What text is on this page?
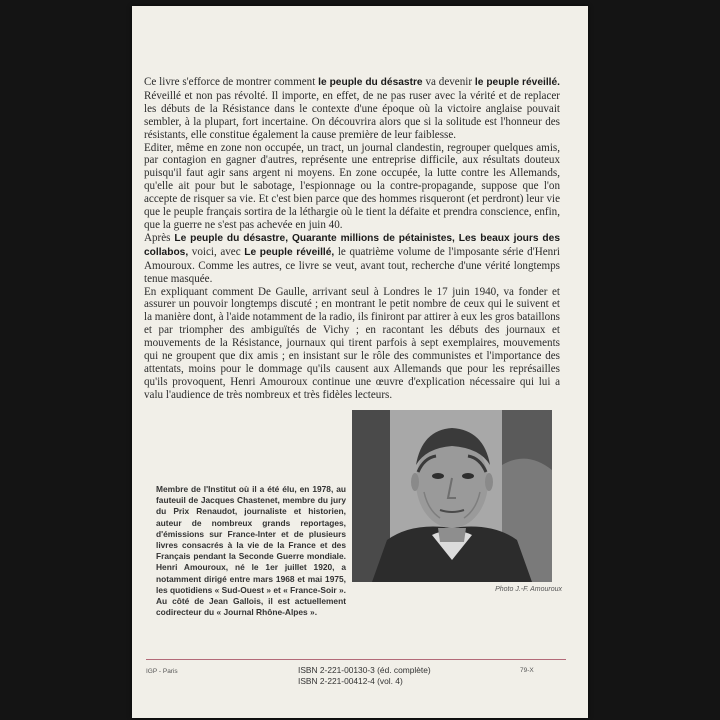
Ce livre s'efforce de montrer comment le peuple du désastre va devenir le peuple réveillé. Réveillé et non pas révolté. Il importe, en effet, de ne pas ruser avec la vérité et de replacer les débuts de la Résistance dans le contexte d'une époque où la victoire anglaise pouvait sembler, à la plupart, fort incertaine. On découvrira alors que si la solitude est l'honneur des résistants, elle constitue également la cause première de leur faiblesse.

Editer, même en zone non occupée, un tract, un journal clandestin, regrouper quelques amis, par contagion en gagner d'autres, représente une entreprise difficile, aux résultats douteux puisqu'il faut agir sans argent ni moyens. En zone occupée, la lutte contre les Allemands, qu'elle ait pour but le sabotage, l'espionnage ou la contre-propagande, suppose que l'on accepte de risquer sa vie. Et c'est bien parce que des hommes risqueront (et perdront) leur vie que le peuple français sortira de la léthargie où le tient la défaite et prendra conscience, enfin, que la guerre ne s'est pas achevée en juin 40.

Après Le peuple du désastre, Quarante millions de pétainistes, Les beaux jours des collabos, voici, avec Le peuple réveillé, le quatrième volume de l'imposante série d'Henri Amouroux. Comme les autres, ce livre se veut, avant tout, recherche d'une vérité longtemps tenue masquée.

En expliquant comment De Gaulle, arrivant seul à Londres le 17 juin 1940, va fonder et assurer un pouvoir longtemps discuté ; en montrant le petit nombre de ceux qui le suivent et la manière dont, à l'aide notamment de la radio, ils finiront par attirer à eux les gros bataillons et par triompher des ambiguïtés de Vichy ; en racontant les débuts des journaux et mouvements de la Résistance, journaux qui tirent parfois à sept exemplaires, mouvements qui ne groupent que dix amis ; en insistant sur le rôle des communistes et l'importance des attentats, moins pour le dommage qu'ils causent aux Allemands que pour les représailles qu'ils provoquent, Henri Amouroux continue une œuvre d'explication nécessaire qui lui a valu l'audience de très nombreux et très fidèles lecteurs.

Membre de l'Institut où il a été élu, en 1978, au fauteuil de Jacques Chastenet, membre du jury du Prix Renaudot, journaliste et historien, auteur de nombreux grands reportages, d'émissions sur France-Inter et de plusieurs livres consacrés à la vie de la France et des Français pendant la Seconde Guerre mondiale. Henri Amouroux, né le 1er juillet 1920, a notamment dirigé entre mars 1968 et mai 1975, les quotidiens « Sud-Ouest » et « France-Soir ». Au côté de Jean Gallois, il est actuellement codirecteur du « Journal Rhône-Alpes ».
Photo J.-F. Amouroux
IGP - Paris	ISBN 2-221-00130-3 (éd. complète)
ISBN 2-221-00412-4 (vol. 4)
79-X
